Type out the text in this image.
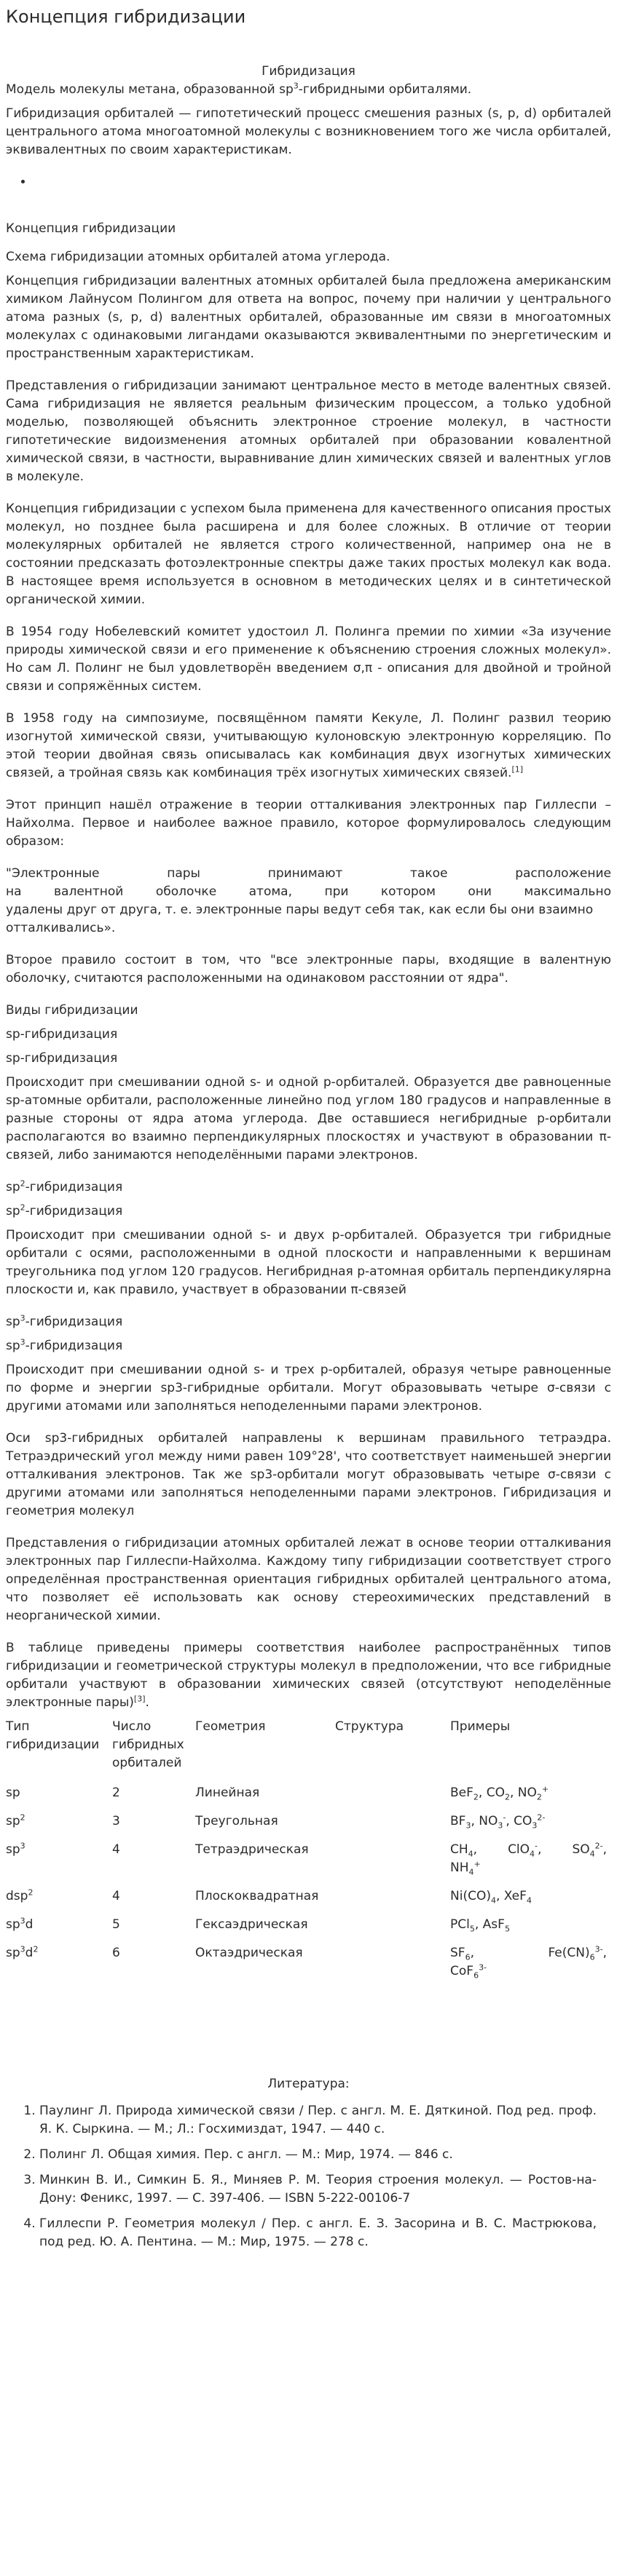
Концепция гибридизации

Гибридизация

Модель молекулы метана, образованной $sp^3$-гибридными орбиталями.

Гибридизация орбиталей — гипотетический процесс смешения разных (s, p, d) орбиталей центрального атома многоатомной молекулы с возникновением того же числа орбиталей, эквивалентных по своим характеристикам.

•

Концепция гибридизации

Схема гибридизации атомных орбиталей атома углерода.

Концепция гибридизации валентных атомных орбиталей была предложена американским химиком Лайнусом Полингом для ответа на вопрос, почему при наличии у центрального атома разных (s, p, d) валентных орбиталей, образованные им связи в многоатомных молекулах с одинаковыми лигандами оказываются эквивалентными по энергетическим и пространственным характеристикам.

Представления о гибридизации занимают центральное место в методе валентных связей. Сама гибридизация не является реальным физическим процессом, а только удобной моделью, позволяющей объяснить электронное строение молекул, в частности гипотетические видоизменения атомных орбиталей при образовании ковалентной химической связи, в частности, выравнивание длин химических связей и валентных углов в молекуле.

Концепция гибридизации с успехом была применена для качественного описания простых молекул, но позднее была расширена и для более сложных. В отличие от теории молекулярных орбиталей не является строго количественной, например она не в состоянии предсказать фотоэлектронные спектры даже таких простых молекул как вода. В настоящее время используется в основном в методических целях и в синтетической органической химии.

В 1954 году Нобелевский комитет удостоил Л. Полинга премии по химии «За изучение природы химической связи и его применение к объяснению строения сложных молекул». Но сам Л. Полинг не был удовлетворён введением σ,π - описания для двойной и тройной связи и сопряжённых систем.

В 1958 году на симпозиуме, посвящённом памяти Кекуле, Л. Полинг развил теорию изогнутой химической связи, учитывающую кулоновскую электронную корреляцию. По этой теории двойная связь описывалась как комбинация двух изогнутых химических связей, а тройная связь как комбинация трёх изогнутых химических связей.[1]

Этот принцип нашёл отражение в теории отталкивания электронных пар Гиллеспи – Найхолма. Первое и наиболее важное правило, которое формулировалось следующим образом:

"Электронные	пары	принимают	такое	расположение
на	валентной	оболочке	атома,	при	котором	они	максимально
удалены друг от друга, т. е. электронные пары ведут себя так, как если бы они взаимно отталкивались».

Второе правило состоит в том, что "все электронные пары, входящие в валентную оболочку, считаются расположенными на одинаковом расстоянии от ядра".

Виды гибридизации

sp-гибридизация

sp-гибридизация

Происходит при смешивании одной s- и одной p-орбиталей. Образуется две равноценные sp-атомные орбитали, расположенные линейно под углом 180 градусов и направленные в разные стороны от ядра атома углерода. Две оставшиеся негибридные p-орбитали располагаются во взаимно перпендикулярных плоскостях и участвуют в образовании π-связей, либо занимаются неподелёнными парами электронов.

$sp^2$-гибридизация

$sp^2$-гибридизация

Происходит при смешивании одной s- и двух p-орбиталей. Образуется три гибридные орбитали с осями, расположенными в одной плоскости и направленными к вершинам треугольника под углом 120 градусов. Негибридная p-атомная орбиталь перпендикулярна плоскости и, как правило, участвует в образовании π-связей

$sp^3$-гибридизация

$sp^3$-гибридизация

Происходит при смешивании одной s- и трех p-орбиталей, образуя четыре равноценные по форме и энергии sp3-гибридные орбитали. Могут образовывать четыре σ-связи с другими атомами или заполняться неподеленными парами электронов.

Оси sp3-гибридных орбиталей направлены к вершинам правильного тетраэдра. Тетраэдрический угол между ними равен 109°28', что соответствует наименьшей энергии отталкивания электронов. Так же sp3-орбитали могут образовывать четыре σ-связи с другими атомами или заполняться неподеленными парами электронов. Гибридизация и геометрия молекул

Представления о гибридизации атомных орбиталей лежат в основе теории отталкивания электронных пар Гиллеспи-Найхолма. Каждому типу гибридизации соответствует строго определённая пространственная ориентация гибридных орбиталей центрального атома, что позволяет её использовать как основу стереохимических представлений в неорганической химии.

В таблице приведены примеры соответствия наиболее распространённых типов гибридизации и геометрической структуры молекул в предположении, что все гибридные орбитали участвуют в образовании химических связей (отсутствуют неподелённые электронные пары)[3].

Тип гибридизации	Число гибридных орбиталей	Геометрия	Структура	Примеры
sp	2	Линейная		BeF$_2$, $CO_2$, $NO_2^+$
$sp^2$	3	Треугольная		$BF_3$, $NO_3^-$, $CO_3^{2-}$
$sp^3$	4	Тетраэдрическая		$CH_4$, ClO$_4$-, $SO_4^{2-}$,
$NH_4^+$

dsp$^2$	4	Плоскоквадратная		$Ni(CO)_4$, XeF$_4$
$sp^3d$	5	Гексаэдрическая		PCl$_5$, AsF$_5$
$sp^3d^2$	6	Октаэдрическая		$SF_6$, $Fe(CN)_6^{3-}$,
CoF$_6^{3-}$

Литература:

1. Паулинг Л. Природа химической связи / Пер. с англ. М. Е. Дяткиной. Под ред. проф. Я. К. Сыркина. — М.; Л.: Госхимиздат, 1947. — 440 с.
2. Полинг Л. Общая химия. Пер. с англ. — М.: Мир, 1974. — 846 с.
3. Минкин В. И., Симкин Б. Я., Миняев Р. М. Теория строения молекул. — Ростов-на-Дону: Феникс, 1997. — С. 397-406. — ISBN 5-222-00106-7
4. Гиллеспи Р. Геометрия молекул / Пер. с англ. Е. З. Засорина и В. С. Мастрюкова, под ред. Ю. А. Пентина. — М.: Мир, 1975. — 278 с.
